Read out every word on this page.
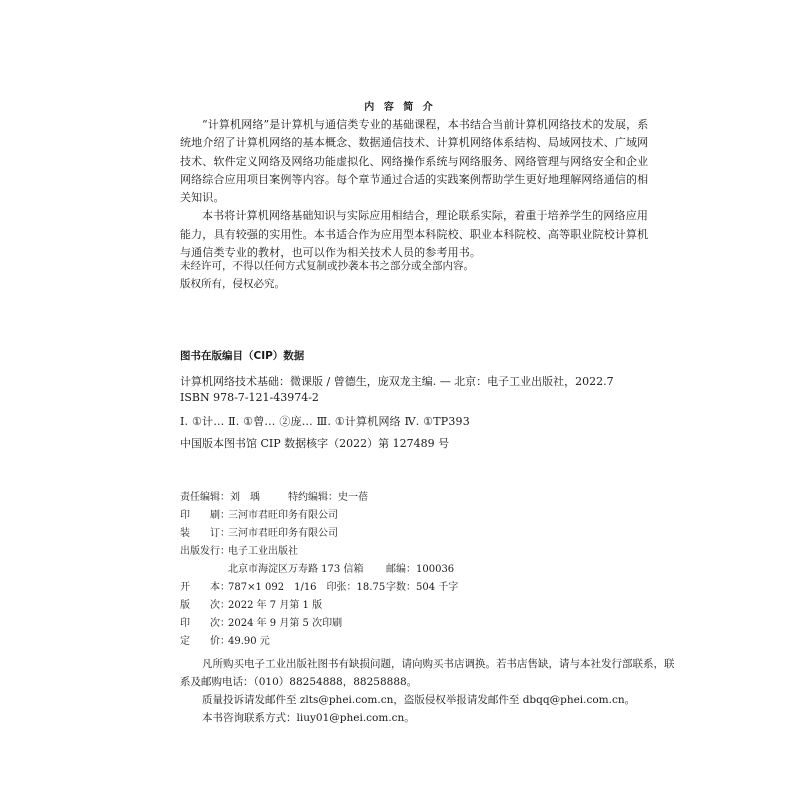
内 容 简 介

“计算机网络”是计算机与通信类专业的基础课程，本书结合当前计算机网络技术的发展，系统地介绍了计算机网络的基本概念、数据通信技术、计算机网络体系结构、局域网技术、广域网技术、软件定义网络及网络功能虚拟化、网络操作系统与网络服务、网络管理与网络安全和企业网络综合应用项目案例等内容。每个章节通过合适的实践案例帮助学生更好地理解网络通信的相关知识。

本书将计算机网络基础知识与实际应用相结合，理论联系实际，着重于培养学生的网络应用能力，具有较强的实用性。本书适合作为应用型本科院校、职业本科院校、高等职业院校计算机与通信类专业的教材，也可以作为相关技术人员的参考用书。

未经许可，不得以任何方式复制或抄袭本书之部分或全部内容。
版权所有，侵权必究。
图书在版编目（CIP）数据
计算机网络技术基础：微课版 / 曾德生，庞双龙主编. — 北京：电子工业出版社，2022.7
ISBN 978-7-121-43974-2
Ⅰ. ①计… Ⅱ. ①曾… ②庞… Ⅲ. ①计算机网络 Ⅳ. ①TP393
中国版本图书馆 CIP 数据核字（2022）第 127489 号
责任编辑：刘　瑀	特约编辑：史一蓓
印　　刷：三河市君旺印务有限公司
装　　订：三河市君旺印务有限公司
出版发行：电子工业出版社
北京市海淀区万寿路 173 信箱 邮编：100036
开　　本：787×1 092　1/16　印张：18.75 字数：504 千字
版　　次：2022 年 7 月第 1 版
印　　次：2024 年 9 月第 5 次印刷
定　　价：49.90 元
凡所购买电子工业出版社图书有缺损问题，请向购买书店调换。若书店售缺，请与本社发行部联系，联
系及邮购电话：（010）88254888，88258888。
质量投诉请发邮件至 zlts@phei.com.cn，盗版侵权举报请发邮件至 dbqq@phei.com.cn。
本书咨询联系方式：liuy01@phei.com.cn。
